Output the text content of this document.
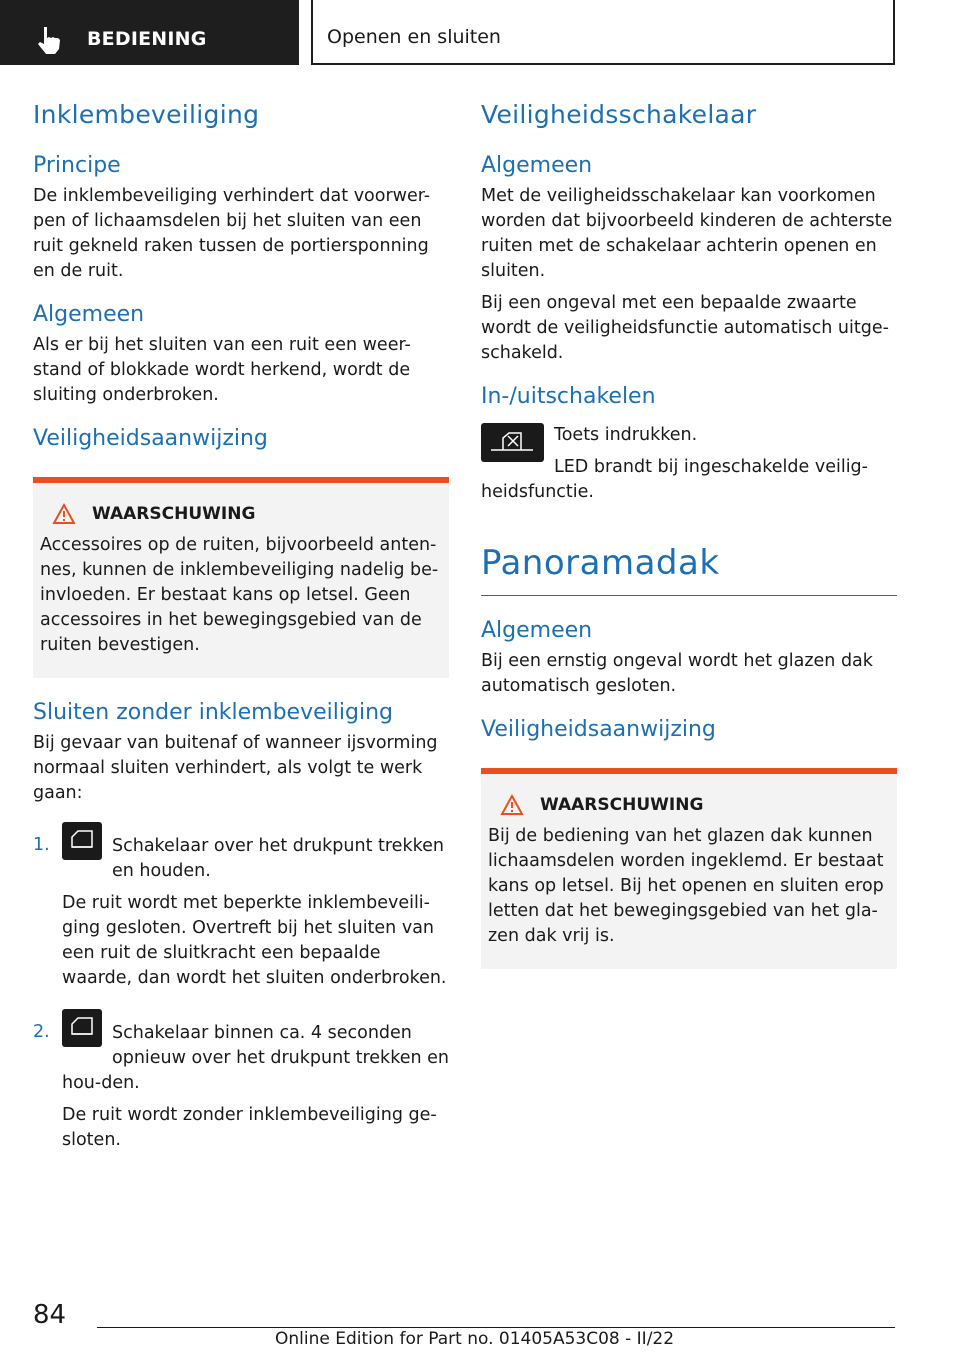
BEDIENING	Openen en sluiten
Inklembeveiliging
Principe

De inklembeveiliging verhindert dat voorwer-pen of lichaamsdelen bij het sluiten van een ruit gekneld raken tussen de portiersponning en de ruit.

Algemeen

Als er bij het sluiten van een ruit een weer-stand of blokkade wordt herkend, wordt de sluiting onderbroken.

Veiligheidsaanwijzing
WAARSCHUWING

Accessoires op de ruiten, bijvoorbeeld anten-nes, kunnen de inklembeveiliging nadelig be-invloeden. Er bestaat kans op letsel. Geen accessoires in het bewegingsgebied van de ruiten bevestigen.

Sluiten zonder inklembeveiliging

Bij gevaar van buitenaf of wanneer ijsvorming normaal sluiten verhindert, als volgt te werk gaan:

1.	Schakelaar over het drukpunt trekken en houden.

De ruit wordt met beperkte inklembeveili-ging gesloten. Overtreft bij het sluiten van een ruit de sluitkracht een bepaalde waarde, dan wordt het sluiten onderbroken.

2.	Schakelaar binnen ca. 4 seconden opnieuw over het drukpunt trekken en hou-den.

De ruit wordt zonder inklembeveiliging ge-sloten.

Veiligheidsschakelaar
Algemeen

Met de veiligheidsschakelaar kan voorkomen worden dat bijvoorbeeld kinderen de achterste ruiten met de schakelaar achterin openen en sluiten.

Bij een ongeval met een bepaalde zwaarte wordt de veiligheidsfunctie automatisch uitge-schakeld.

In-/uitschakelen

Toets indrukken.

LED brandt bij ingeschakelde veilig-heidsfunctie.

Panoramadak
Algemeen

Bij een ernstig ongeval wordt het glazen dak automatisch gesloten.

Veiligheidsaanwijzing
WAARSCHUWING

Bij de bediening van het glazen dak kunnen lichaamsdelen worden ingeklemd. Er bestaat kans op letsel. Bij het openen en sluiten erop letten dat het bewegingsgebied van het gla-zen dak vrij is.

84
Online Edition for Part no. 01405A53C08 - II/22
